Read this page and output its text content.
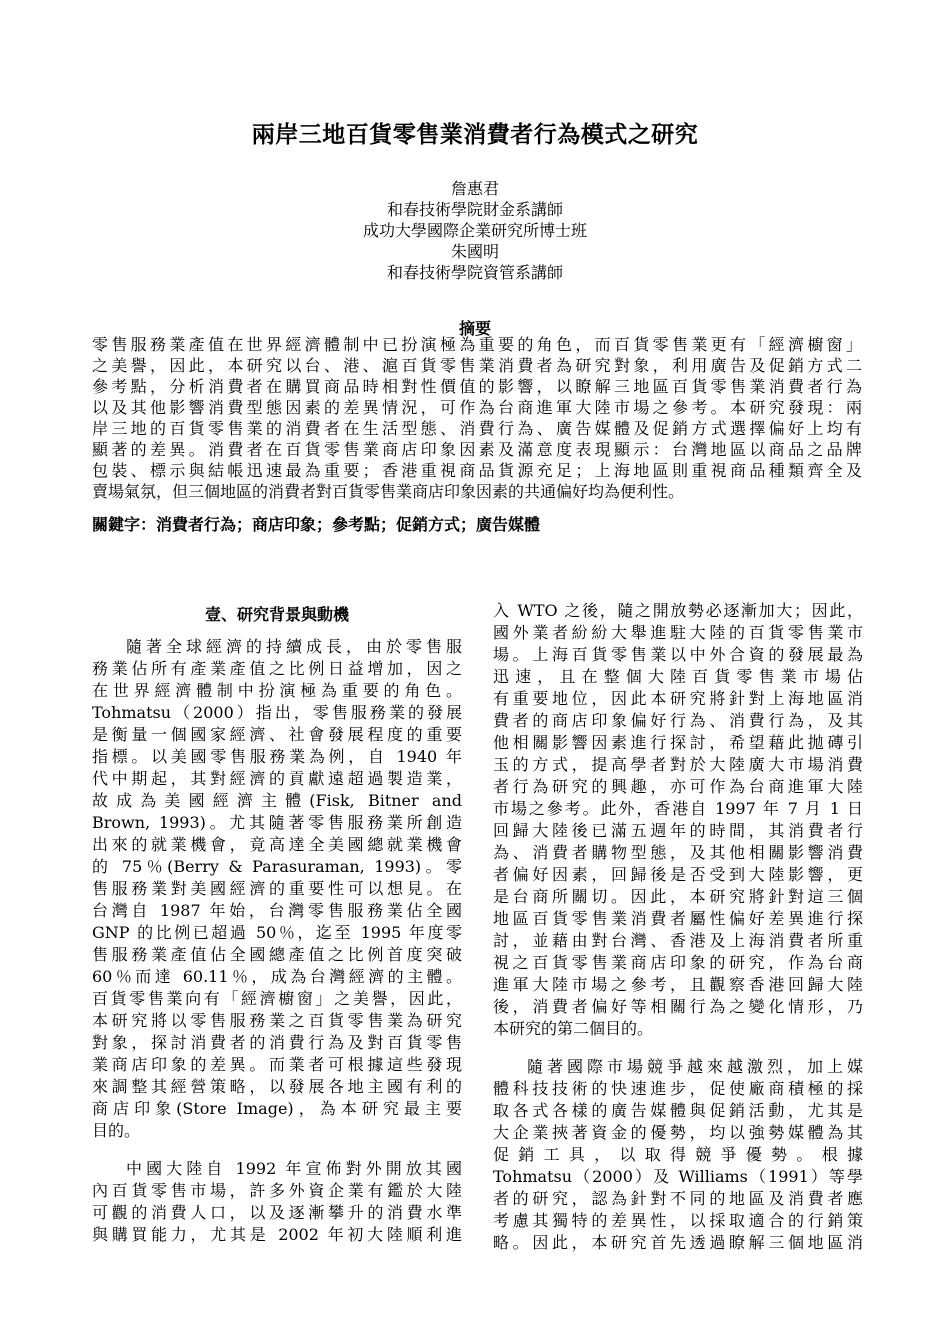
兩岸三地百貨零售業消費者行為模式之研究
詹惠君
和春技術學院財金系講師
成功大學國際企業研究所博士班
朱國明
和春技術學院資管系講師
摘要
零售服務業產值在世界經濟體制中已扮演極為重要的角色，而百貨零售業更有「經濟櫥窗」
之美譽，因此，本研究以台、港、滬百貨零售業消費者為研究對象，利用廣告及促銷方式二
參考點，分析消費者在購買商品時相對性價值的影響，以瞭解三地區百貨零售業消費者行為
以及其他影響消費型態因素的差異情況，可作為台商進軍大陸市場之參考。本研究發現：兩
岸三地的百貨零售業的消費者在生活型態、消費行為、廣告媒體及促銷方式選擇偏好上均有
顯著的差異。消費者在百貨零售業商店印象因素及滿意度表現顯示：台灣地區以商品之品牌
包裝、標示與結帳迅速最為重要；香港重視商品貨源充足；上海地區則重視商品種類齊全及
賣場氣氛，但三個地區的消費者對百貨零售業商店印象因素的共通偏好均為便利性。
關鍵字：消費者行為；商店印象；參考點；促銷方式；廣告媒體
壹、研究背景與動機
隨著全球經濟的持續成長，由於零售服
務業佔所有產業產值之比例日益增加，因之
在世界經濟體制中扮演極為重要的角色。
Tohmatsu（2000）指出，零售服務業的發展
是衡量一個國家經濟、社會發展程度的重要
指標。以美國零售服務業為例，自 1940 年
代中期起，其對經濟的貢獻遠超過製造業，
故成為美國經濟主體(Fisk, Bitner and
Brown, 1993)。尤其隨著零售服務業所創造
出來的就業機會，竟高達全美國總就業機會
的 75％(Berry & Parasuraman, 1993)。零
售服務業對美國經濟的重要性可以想見。在
台灣自 1987 年始，台灣零售服務業佔全國
GNP 的比例已超過 50％，迄至 1995 年度零
售服務業產值佔全國總產值之比例首度突破
60％而達 60.11％，成為台灣經濟的主體。
百貨零售業向有「經濟櫥窗」之美譽，因此，
本研究將以零售服務業之百貨零售業為研究
對象，探討消費者的消費行為及對百貨零售
業商店印象的差異。而業者可根據這些發現
來調整其經營策略，以發展各地主國有利的
商店印象(Store Image)，為本研究最主要
目的。
中國大陸自 1992 年宣佈對外開放其國
內百貨零售市場，許多外資企業有鑑於大陸
可觀的消費人口，以及逐漸攀升的消費水準
與購買能力，尤其是 2002 年初大陸順利進
入 WTO 之後，隨之開放勢必逐漸加大；因此，
國外業者紛紛大舉進駐大陸的百貨零售業市
場。上海百貨零售業以中外合資的發展最為
迅速，且在整個大陸百貨零售業市場佔
有重要地位，因此本研究將針對上海地區消
費者的商店印象偏好行為、消費行為，及其
他相關影響因素進行探討，希望藉此拋磚引
玉的方式，提高學者對於大陸廣大市場消費
者行為研究的興趣，亦可作為台商進軍大陸
市場之參考。此外，香港自 1997 年 7 月 1 日
回歸大陸後已滿五週年的時間，其消費者行
為、消費者購物型態，及其他相關影響消費
者偏好因素，回歸後是否受到大陸影響，更
是台商所關切。因此，本研究將針對這三個
地區百貨零售業消費者屬性偏好差異進行探
討，並藉由對台灣、香港及上海消費者所重
視之百貨零售業商店印象的研究，作為台商
進軍大陸市場之參考，且觀察香港回歸大陸
後，消費者偏好等相關行為之變化情形，乃
本研究的第二個目的。
隨著國際市場競爭越來越激烈，加上媒
體科技技術的快速進步，促使廠商積極的採
取各式各樣的廣告媒體與促銷活動，尤其是
大企業挾著資金的優勢，均以強勢媒體為其
促銷工具，以取得競爭優勢。根據
Tohmatsu（2000）及 Williams（1991）等學
者的研究，認為針對不同的地區及消費者應
考慮其獨特的差異性，以採取適合的行銷策
略。因此，本研究首先透過瞭解三個地區消
